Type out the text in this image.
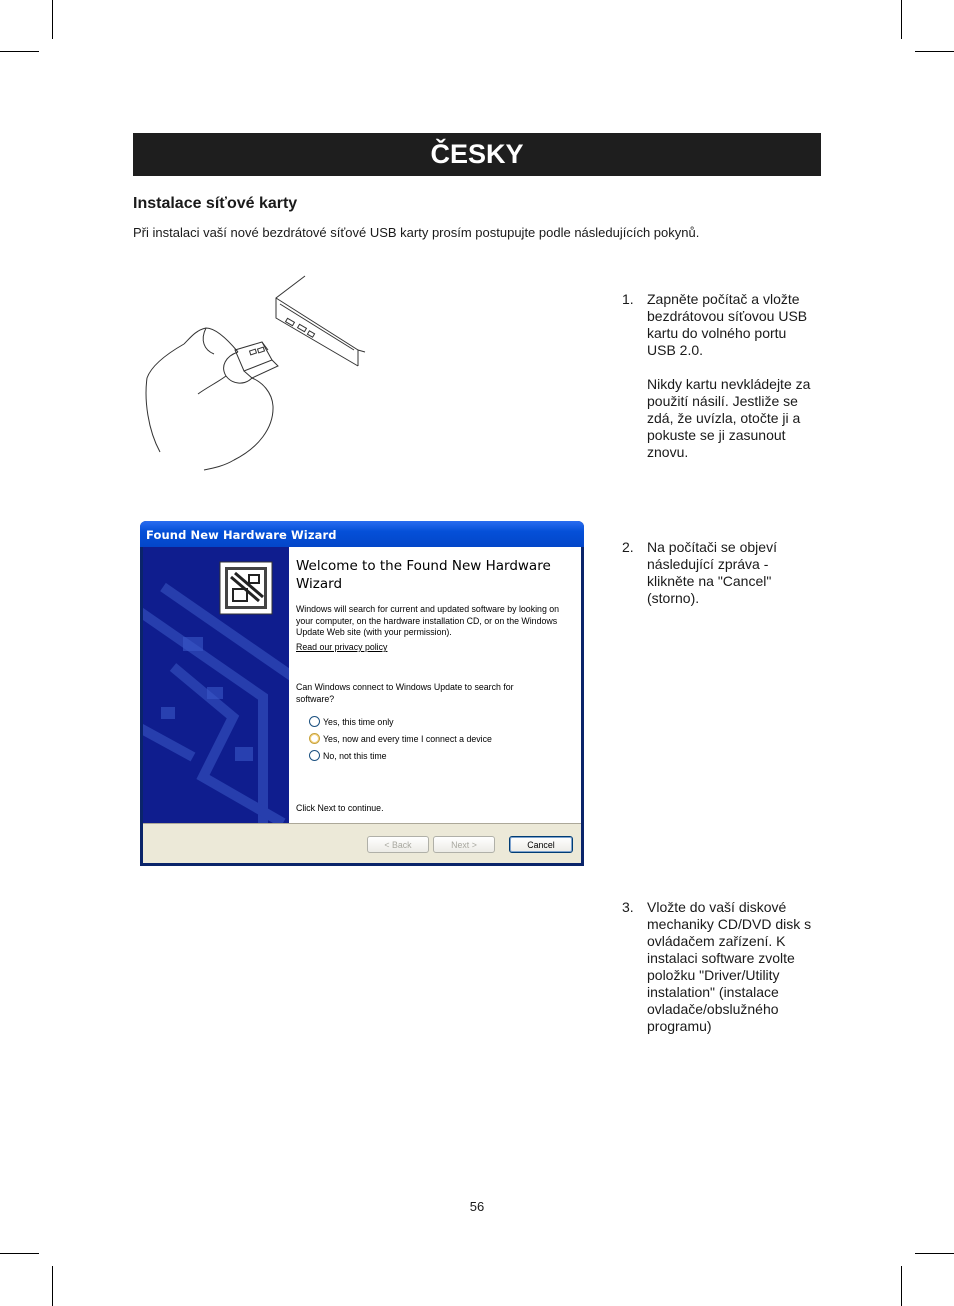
ČESKY
Instalace síťové karty
Při instalaci vaší nové bezdrátové síťové USB karty prosím postupujte podle následujících pokynů.
1. Zapněte počítač a vložte bezdrátovou síťovou USB kartu do volného portu USB 2.0.

Nikdy kartu nevkládejte za použití násilí. Jestliže se zdá, že uvízla, otočte ji a pokuste se ji zasunout znovu.

2. Na počítači se objeví následující zpráva - klikněte na "Cancel" (storno).

3. Vložte do vaší diskové mechaniky CD/DVD disk s ovládačem zařízení. K instalaci software zvolte položku "Driver/Utility instalation" (instalace ovladače/obslužného programu)

Found New Hardware Wizard
Welcome to the Found New Hardware Wizard
Windows will search for current and updated software by looking on your computer, on the hardware installation CD, or on the Windows Update Web site (with your permission).
Read our privacy policy
Can Windows connect to Windows Update to search for software?
Yes, this time only
Yes, now and every time I connect a device
No, not this time
Click Next to continue.
< Back	Next >	Cancel
56
